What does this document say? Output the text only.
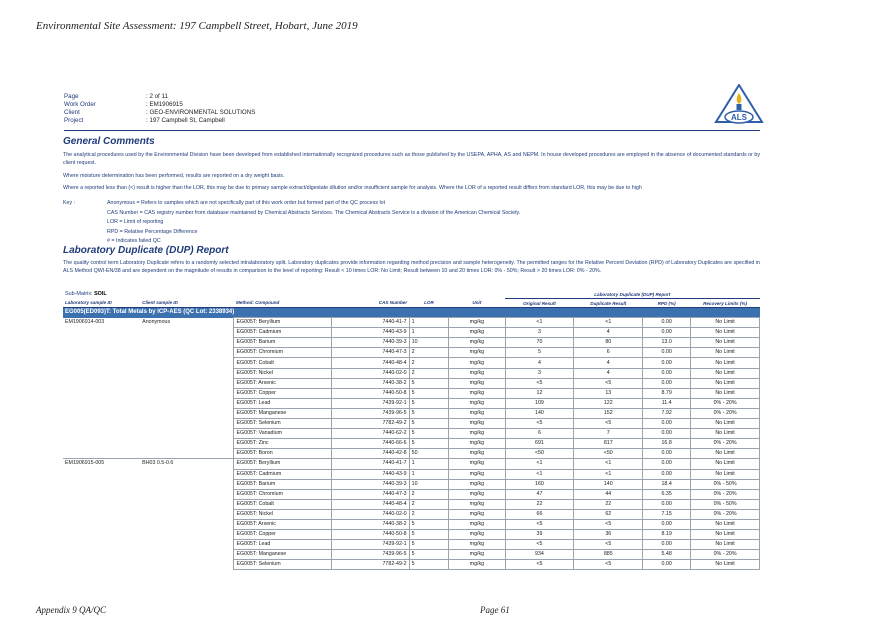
Environmental Site Assessment: 197 Campbell Street, Hobart, June 2019
Page	: 2 of 11
Work Order	: EM1906915
Client	: GEO-ENVIRONMENTAL SOLUTIONS
Project	: 197 Campbell St, Campbell	ALS
General Comments
The analytical procedures used by the Environmental Division have been developed from established internationally recognized procedures such as those published by the USEPA, APHA, AS and NEPM. In house developed procedures are employed in the absence of documented standards or by client request.
Where moisture determination has been performed, results are reported on a dry weight basis.
Where a reported less than (<) result is higher than the LOR, this may be due to primary sample extract/digestate dilution and/or insufficient sample for analysis. Where the LOR of a reported result differs from standard LOR, this may be due to high
Key :	Anonymous = Refers to samples which are not specifically part of this work order but formed part of the QC process lot
CAS Number = CAS registry number from database maintained by Chemical Abstracts Services. The Chemical Abstracts Service is a division of the American Chemical Society.
LOR = Limit of reporting
RPD = Relative Percentage Difference
# = Indicates failed QC
Laboratory Duplicate (DUP) Report
The quality control term Laboratory Duplicate refers to a randomly selected intralaboratory split. Laboratory duplicates provide information regarding method precision and sample heterogeneity. The permitted ranges for the Relative Percent Deviation (RPD) of Laboratory Duplicates are specified in ALS Method QWI-EN/38 and are dependent on the magnitude of results in comparison to the level of reporting: Result < 10 times LOR: No Limit; Result between 10 and 20 times LOR: 0% - 50%; Result > 20 times LOR: 0% - 20%.
Sub-Matrix: SOIL						Laboratory Duplicate (DUP) Report			
Laboratory sample ID	Client sample ID	Method: Compound	CAS Number	LOR	Unit	Original Result	Duplicate Result	RPD (%)	Recovery Limits (%)
EG005(ED093)T: Total Metals by ICP-AES (QC Lot: 2338934)									
EM1906914-003	Anonymous	EG005T: Beryllium	7440-41-7	1	mg/kg	<1	<1	0.00	No Limit
		EG005T: Cadmium	7440-43-9	1	mg/kg	3	4	0.00	No Limit
		EG005T: Barium	7440-39-3	10	mg/kg	70	80	13.0	No Limit
		EG005T: Chromium	7440-47-3	2	mg/kg	5	6	0.00	No Limit
		EG005T: Cobalt	7440-48-4	2	mg/kg	4	4	0.00	No Limit
		EG005T: Nickel	7440-02-0	2	mg/kg	3	4	0.00	No Limit
		EG005T: Arsenic	7440-38-2	5	mg/kg	<5	<5	0.00	No Limit
		EG005T: Copper	7440-50-8	5	mg/kg	12	13	8.79	No Limit
		EG005T: Lead	7439-92-1	5	mg/kg	109	122	11.4	0% - 20%
		EG005T: Manganese	7439-96-5	5	mg/kg	140	152	7.92	0% - 20%
		EG005T: Selenium	7782-49-2	5	mg/kg	<5	<5	0.00	No Limit
		EG005T: Vanadium	7440-62-2	5	mg/kg	6	7	0.00	No Limit
		EG005T: Zinc	7440-66-6	5	mg/kg	691	817	16.8	0% - 20%
		EG005T: Boron	7440-42-8	50	mg/kg	<50	<50	0.00	No Limit
EM1906915-005	BH03 0.5-0.6	EG005T: Beryllium	7440-41-7	1	mg/kg	<1	<1	0.00	No Limit
		EG005T: Cadmium	7440-43-9	1	mg/kg	<1	<1	0.00	No Limit
		EG005T: Barium	7440-39-3	10	mg/kg	160	140	18.4	0% - 50%
		EG005T: Chromium	7440-47-3	2	mg/kg	47	44	6.35	0% - 20%
		EG005T: Cobalt	7440-48-4	2	mg/kg	22	22	0.00	0% - 50%
		EG005T: Nickel	7440-02-0	2	mg/kg	66	62	7.15	0% - 20%
		EG005T: Arsenic	7440-38-2	5	mg/kg	<5	<5	0.00	No Limit
		EG005T: Copper	7440-50-8	5	mg/kg	39	36	8.19	No Limit
		EG005T: Lead	7439-92-1	5	mg/kg	<5	<5	0.00	No Limit
		EG005T: Manganese	7439-96-5	5	mg/kg	934	885	5.48	0% - 20%
		EG005T: Selenium	7782-49-2	5	mg/kg	<5	<5	0.00	No Limit
Appendix 9 QA/QC	Page 61
